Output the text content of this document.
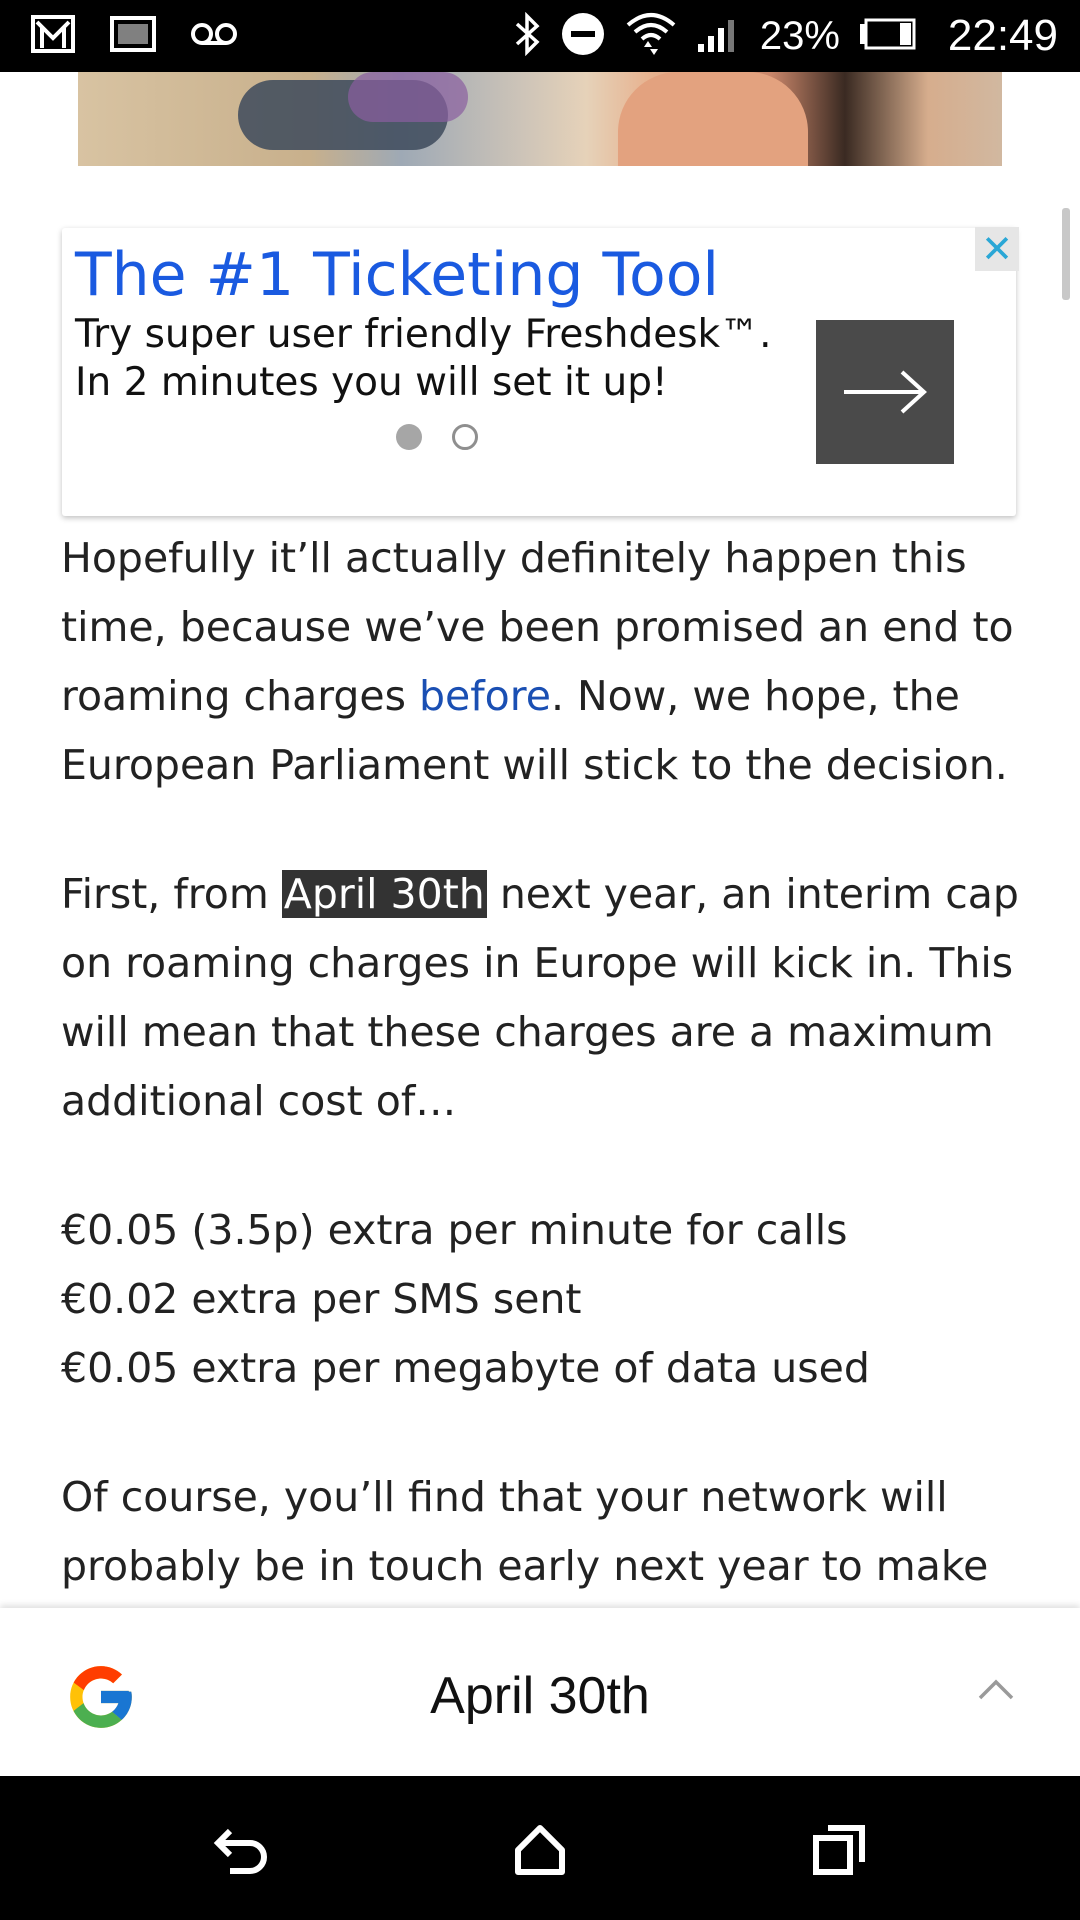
23% 22:49
✕
The #1 Ticketing Tool
Try super user friendly Freshdesk™.
In 2 minutes you will set it up!

Hopefully it’ll actually definitely happen this time, because we’ve been promised an end to roaming charges before. Now, we hope, the European Parliament will stick to the decision.

First, from April 30th next year, an interim cap on roaming charges in Europe will kick in. This will mean that these charges are a maximum additional cost of…

€0.05 (3.5p) extra per minute for calls
€0.02 extra per SMS sent
€0.05 extra per megabyte of data used

Of course, you’ll find that your network will probably be in touch early next year to make

April 30th
